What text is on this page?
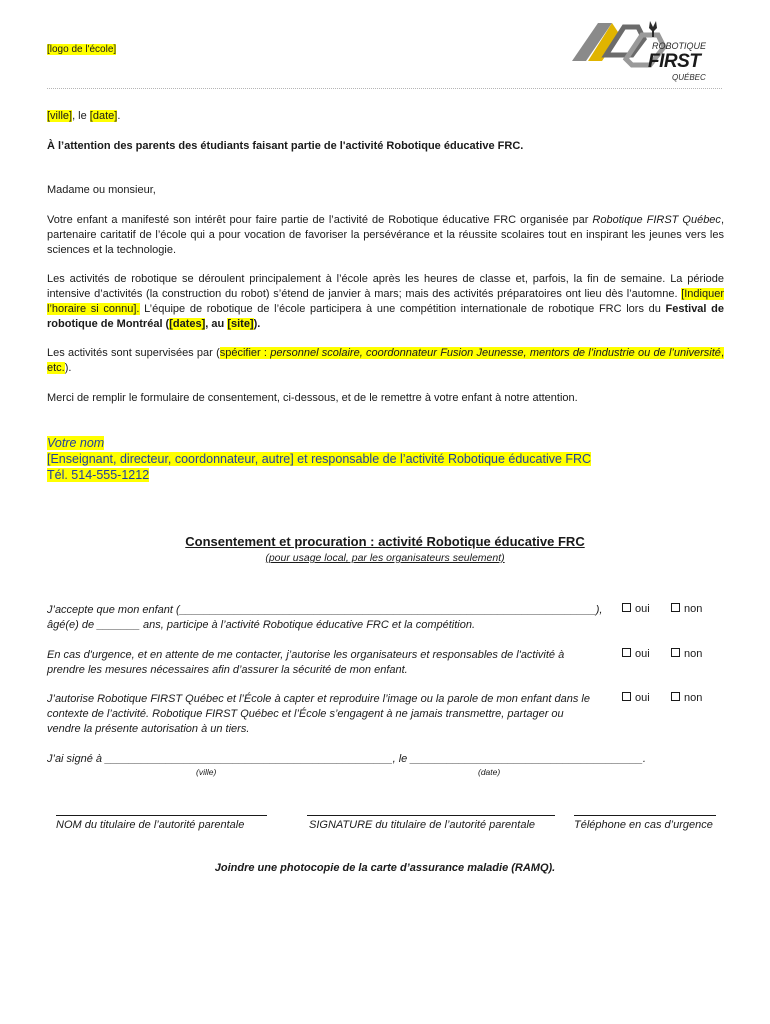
[logo de l'école]	ROBOTIQUE
FIRST
QUÉBEC
[ville], le [date].
À l’attention des parents des étudiants faisant partie de l'activité Robotique éducative FRC.
Madame ou monsieur,
Votre enfant a manifesté son intérêt pour faire partie de l’activité de Robotique éducative FRC organisée par Robotique FIRST Québec, partenaire caritatif de l’école qui a pour vocation de favoriser la persévérance et la réussite scolaires tout en inspirant les jeunes vers les sciences et la technologie.
Les activités de robotique se déroulent principalement à l’école après les heures de classe et, parfois, la fin de semaine. La période intensive d’activités (la construction du robot) s’étend de janvier à mars; mais des activités préparatoires ont lieu dès l’automne. [Indiquer l’horaire si connu]. L’équipe de robotique de l’école participera à une compétition internationale de robotique FRC lors du Festival de robotique de Montréal ([dates], au [site]).
Les activités sont supervisées par (spécifier : personnel scolaire, coordonnateur Fusion Jeunesse, mentors de l’industrie ou de l’université, etc.).
Merci de remplir le formulaire de consentement, ci-dessous, et de le remettre à votre enfant à notre attention.
Votre nom
[Enseignant, directeur, coordonnateur, autre] et responsable de l’activité Robotique éducative FRC
Tél. 514-555-1212
Consentement et procuration : activité Robotique éducative FRC
(pour usage local, par les organisateurs seulement)
J’accepte que mon enfant (____________________________________________________________________),
âgé(e) de _______ ans, participe à l’activité Robotique éducative FRC et la compétition.
oui	non
En cas d'urgence, et en attente de me contacter, j’autorise les organisateurs et responsables de l'activité à prendre les mesures nécessaires afin d’assurer la sécurité de mon enfant.
oui	non
J’autorise Robotique FIRST Québec et l’École à capter et reproduire l’image ou la parole de mon enfant dans le contexte de l’activité. Robotique FIRST Québec et l’École s’engagent à ne jamais transmettre, partager ou vendre la présente autorisation à un tiers.
oui	non
J’ai signé à _______________________________________________, le ______________________________________.
(ville)	(date)
NOM du titulaire de l’autorité parentale	SIGNATURE du titulaire de l’autorité parentale	Téléphone en cas d’urgence
Joindre une photocopie de la carte d’assurance maladie (RAMQ).
